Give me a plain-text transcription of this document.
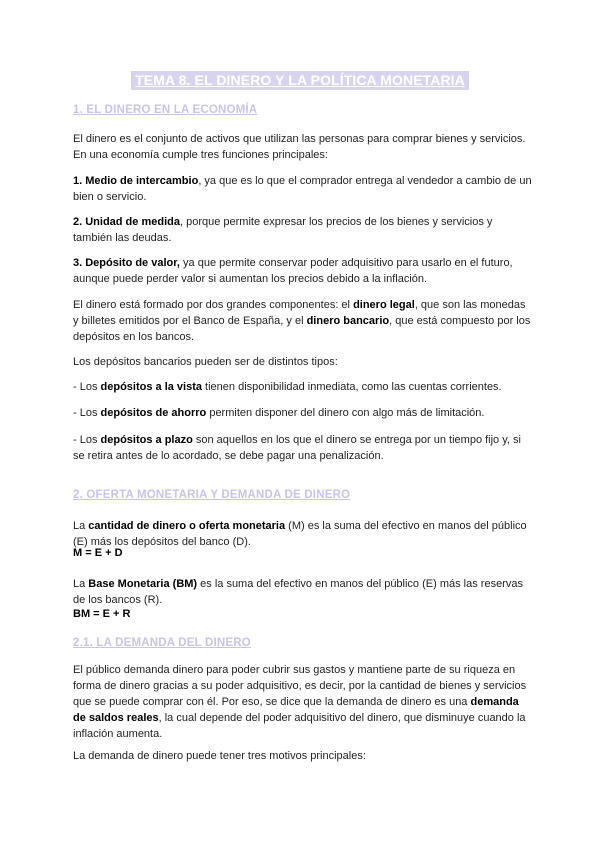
TEMA 8. EL DINERO Y LA POLÍTICA MONETARIA
1. EL DINERO EN LA ECONOMÍA

El dinero es el conjunto de activos que utilizan las personas para comprar bienes y servicios. En una economía cumple tres funciones principales:

1. Medio de intercambio, ya que es lo que el comprador entrega al vendedor a cambio de un bien o servicio.

2. Unidad de medida, porque permite expresar los precios de los bienes y servicios y también las deudas.

3. Depósito de valor, ya que permite conservar poder adquisitivo para usarlo en el futuro, aunque puede perder valor si aumentan los precios debido a la inflación.

El dinero está formado por dos grandes componentes: el dinero legal, que son las monedas y billetes emitidos por el Banco de España, y el dinero bancario, que está compuesto por los depósitos en los bancos.

Los depósitos bancarios pueden ser de distintos tipos:

- Los depósitos a la vista tienen disponibilidad inmediata, como las cuentas corrientes.

- Los depósitos de ahorro permiten disponer del dinero con algo más de limitación.

- Los depósitos a plazo son aquellos en los que el dinero se entrega por un tiempo fijo y, si se retira antes de lo acordado, se debe pagar una penalización.

2. OFERTA MONETARIA Y DEMANDA DE DINERO

La cantidad de dinero o oferta monetaria (M) es la suma del efectivo en manos del público (E) más los depósitos del banco (D).

M = E + D

La Base Monetaria (BM) es la suma del efectivo en manos del público (E) más las reservas de los bancos (R).

BM = E + R
2.1. LA DEMANDA DEL DINERO

El público demanda dinero para poder cubrir sus gastos y mantiene parte de su riqueza en forma de dinero gracias a su poder adquisitivo, es decir, por la cantidad de bienes y servicios que se puede comprar con él. Por eso, se dice que la demanda de dinero es una demanda de saldos reales, la cual depende del poder adquisitivo del dinero, que disminuye cuando la inflación aumenta.

La demanda de dinero puede tener tres motivos principales:
